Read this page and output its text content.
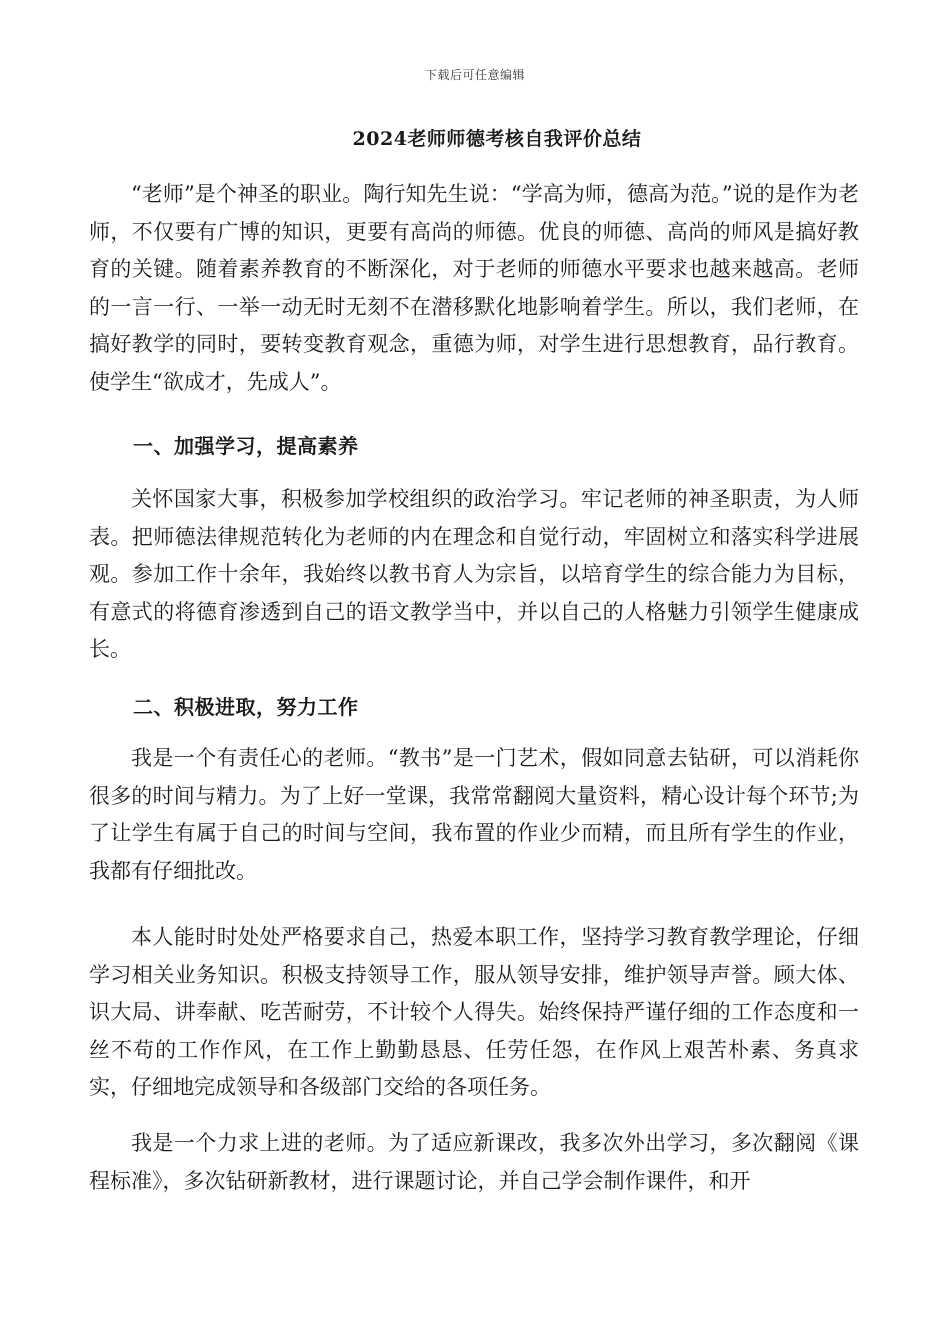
下载后可任意编辑
2024老师师德考核自我评价总结

“老师”是个神圣的职业。陶行知先生说：“学高为师，德高为范。”说的是作为老师，不仅要有广博的知识，更要有高尚的师德。优良的师德、高尚的师风是搞好教育的关键。随着素养教育的不断深化，对于老师的师德水平要求也越来越高。老师的一言一行、一举一动无时无刻不在潜移默化地影响着学生。所以，我们老师，在搞好教学的同时，要转变教育观念，重德为师，对学生进行思想教育，品行教育。使学生“欲成才，先成人”。

一、加强学习，提高素养

关怀国家大事，积极参加学校组织的政治学习。牢记老师的神圣职责，为人师表。把师德法律规范转化为老师的内在理念和自觉行动，牢固树立和落实科学进展观。参加工作十余年，我始终以教书育人为宗旨，以培育学生的综合能力为目标，有意式的将德育渗透到自己的语文教学当中，并以自己的人格魅力引领学生健康成长。

二、积极进取，努力工作

我是一个有责任心的老师。“教书”是一门艺术，假如同意去钻研，可以消耗你很多的时间与精力。为了上好一堂课，我常常翻阅大量资料，精心设计每个环节;为了让学生有属于自己的时间与空间，我布置的作业少而精，而且所有学生的作业，我都有仔细批改。

本人能时时处处严格要求自己，热爱本职工作，坚持学习教育教学理论，仔细学习相关业务知识。积极支持领导工作，服从领导安排，维护领导声誉。顾大体、识大局、讲奉献、吃苦耐劳，不计较个人得失。始终保持严谨仔细的工作态度和一丝不苟的工作作风，在工作上勤勤恳恳、任劳任怨，在作风上艰苦朴素、务真求实，仔细地完成领导和各级部门交给的各项任务。

我是一个力求上进的老师。为了适应新课改，我多次外出学习，多次翻阅《课程标准》，多次钻研新教材，进行课题讨论，并自己学会制作课件，和开
